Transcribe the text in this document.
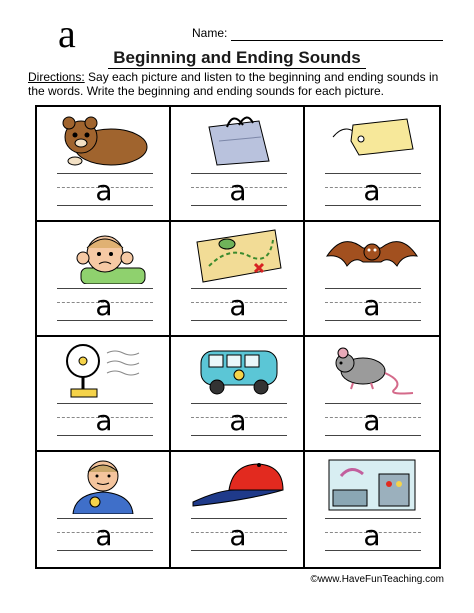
a	Name:
Beginning and Ending Sounds
Directions: Say each picture and listen to the beginning and ending sounds in the words. Write the beginning and ending sounds for each picture.
a	a	a
a	a	a
a	a	a
a	a	a
©www.HaveFunTeaching.com
